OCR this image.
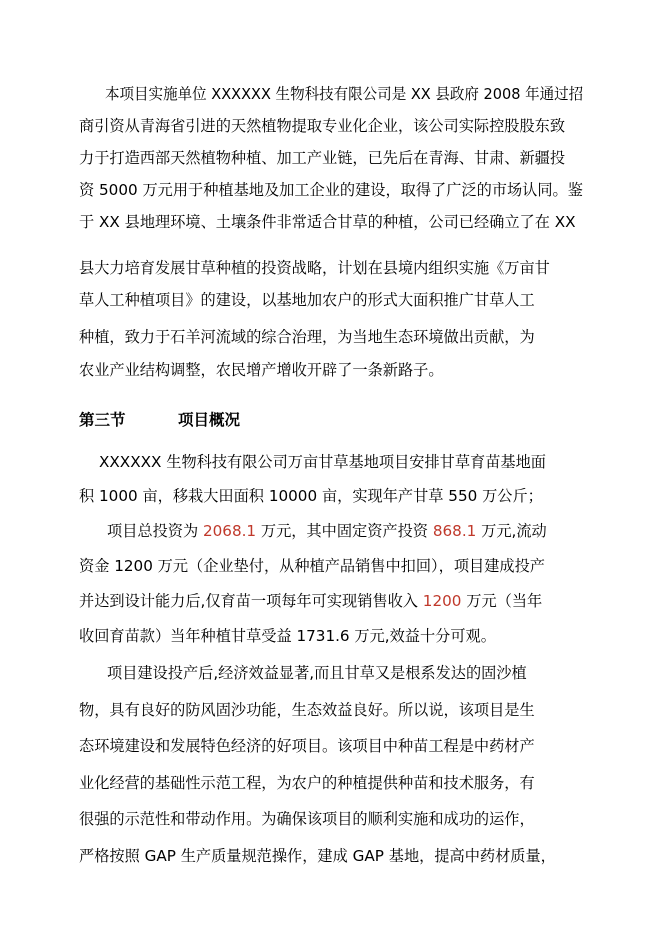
本项目实施单位 XXXXXX 生物科技有限公司是 XX 县政府 2008 年通过招
商引资从青海省引进的天然植物提取专业化企业，该公司实际控股股东致
力于打造西部天然植物种植、加工产业链，已先后在青海、甘肃、新疆投
资 5000 万元用于种植基地及加工企业的建设，取得了广泛的市场认同。鉴
于 XX 县地理环境、土壤条件非常适合甘草的种植，公司已经确立了在 XX
县大力培育发展甘草种植的投资战略，计划在县境内组织实施《万亩甘
草人工种植项目》的建设，以基地加农户的形式大面积推广甘草人工
种植，致力于石羊河流域的综合治理，为当地生态环境做出贡献，为
农业产业结构调整，农民增产增收开辟了一条新路子。
第三节	项目概况
XXXXXX 生物科技有限公司万亩甘草基地项目安排甘草育苗基地面
积 1000 亩，移栽大田面积 10000 亩，实现年产甘草 550 万公斤；
项目总投资为 2068.1 万元，其中固定资产投资 868.1 万元,流动
资金 1200 万元（企业垫付，从种植产品销售中扣回），项目建成投产
并达到设计能力后,仅育苗一项每年可实现销售收入 1200 万元（当年
收回育苗款）当年种植甘草受益 1731.6 万元,效益十分可观。
项目建设投产后,经济效益显著,而且甘草又是根系发达的固沙植
物，具有良好的防风固沙功能，生态效益良好。所以说，该项目是生
态环境建设和发展特色经济的好项目。该项目中种苗工程是中药材产
业化经营的基础性示范工程，为农户的种植提供种苗和技术服务，有
很强的示范性和带动作用。为确保该项目的顺利实施和成功的运作，
严格按照 GAP 生产质量规范操作，建成 GAP 基地，提高中药材质量，
